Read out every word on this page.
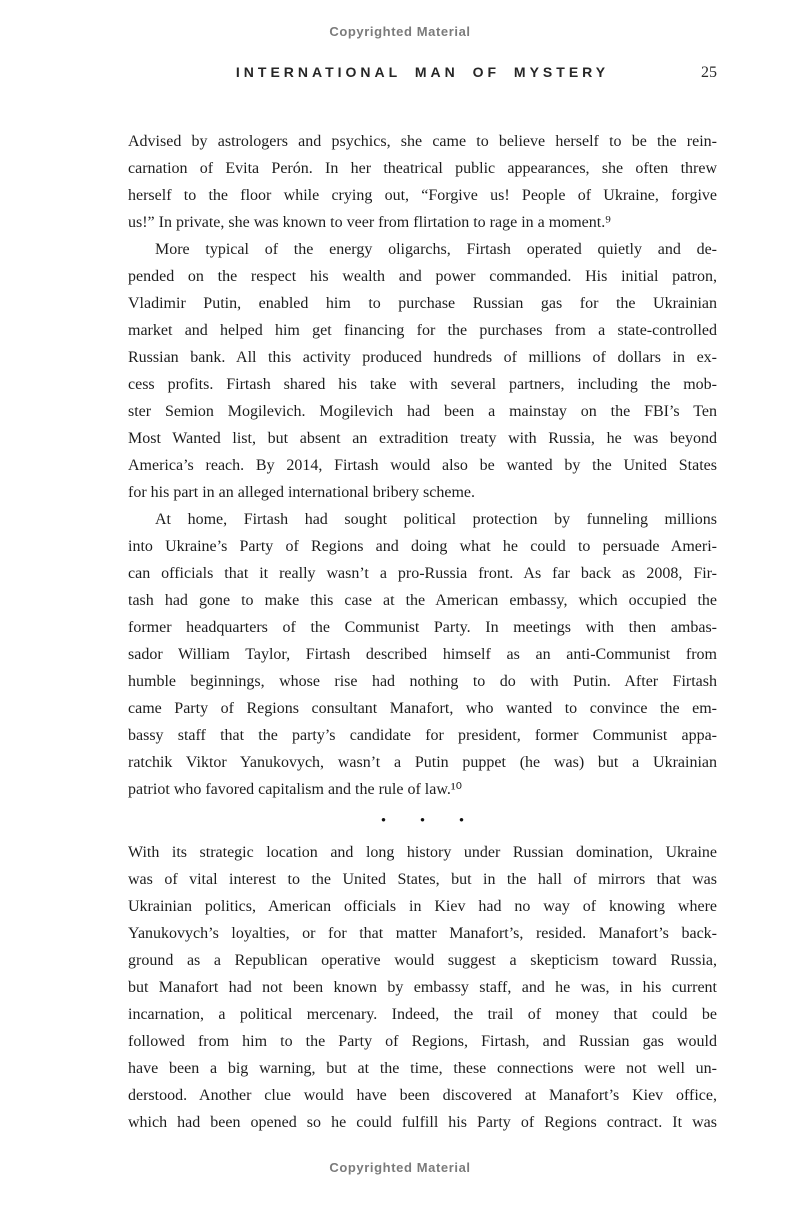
Copyrighted Material
INTERNATIONAL MAN OF MYSTERY	25
Advised by astrologers and psychics, she came to believe herself to be the rein-
carnation of Evita Perón. In her theatrical public appearances, she often threw
herself to the floor while crying out, “Forgive us! People of Ukraine, forgive
us!” In private, she was known to veer from flirtation to rage in a moment.⁹
More typical of the energy oligarchs, Firtash operated quietly and de-
pended on the respect his wealth and power commanded. His initial patron,
Vladimir Putin, enabled him to purchase Russian gas for the Ukrainian
market and helped him get financing for the purchases from a state-controlled
Russian bank. All this activity produced hundreds of millions of dollars in ex-
cess profits. Firtash shared his take with several partners, including the mob-
ster Semion Mogilevich. Mogilevich had been a mainstay on the FBI’s Ten
Most Wanted list, but absent an extradition treaty with Russia, he was beyond
America’s reach. By 2014, Firtash would also be wanted by the United States
for his part in an alleged international bribery scheme.
At home, Firtash had sought political protection by funneling millions
into Ukraine’s Party of Regions and doing what he could to persuade Ameri-
can officials that it really wasn’t a pro-Russia front. As far back as 2008, Fir-
tash had gone to make this case at the American embassy, which occupied the
former headquarters of the Communist Party. In meetings with then ambas-
sador William Taylor, Firtash described himself as an anti-Communist from
humble beginnings, whose rise had nothing to do with Putin. After Firtash
came Party of Regions consultant Manafort, who wanted to convince the em-
bassy staff that the party’s candidate for president, former Communist appa-
ratchik Viktor Yanukovych, wasn’t a Putin puppet (he was) but a Ukrainian
patriot who favored capitalism and the rule of law.¹⁰
• • •
With its strategic location and long history under Russian domination, Ukraine
was of vital interest to the United States, but in the hall of mirrors that was
Ukrainian politics, American officials in Kiev had no way of knowing where
Yanukovych’s loyalties, or for that matter Manafort’s, resided. Manafort’s back-
ground as a Republican operative would suggest a skepticism toward Russia,
but Manafort had not been known by embassy staff, and he was, in his current
incarnation, a political mercenary. Indeed, the trail of money that could be
followed from him to the Party of Regions, Firtash, and Russian gas would
have been a big warning, but at the time, these connections were not well un-
derstood. Another clue would have been discovered at Manafort’s Kiev office,
which had been opened so he could fulfill his Party of Regions contract. It was
Copyrighted Material
